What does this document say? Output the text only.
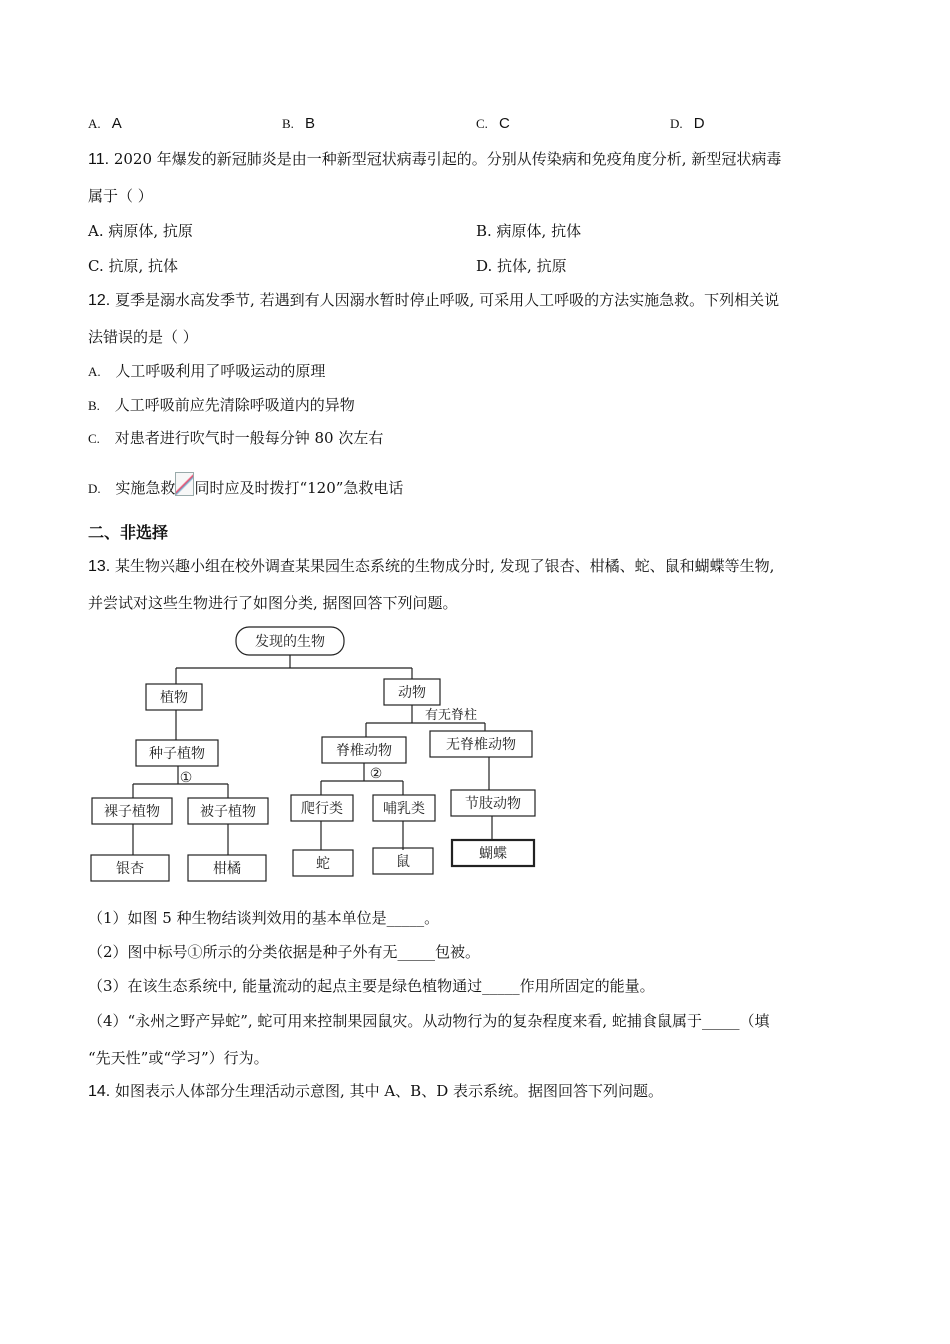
A. A	B. B	C. C	D. D
11. 2020 年爆发的新冠肺炎是由一种新型冠状病毒引起的。分别从传染病和免疫角度分析, 新型冠状病毒
属于（ ）
A. 病原体, 抗原	B. 病原体, 抗体
C. 抗原, 抗体	D. 抗体, 抗原
12. 夏季是溺水高发季节, 若遇到有人因溺水暂时停止呼吸, 可采用人工呼吸的方法实施急救。下列相关说
法错误的是（ ）
A. 人工呼吸利用了呼吸运动的原理
B. 人工呼吸前应先清除呼吸道内的异物
C. 对患者进行吹气时一般每分钟 80 次左右
D. 实施急救 同时应及时拨打“120”急救电话
二、非选择
13. 某生物兴趣小组在校外调查某果园生态系统的生物成分时, 发现了银杏、柑橘、蛇、鼠和蝴蝶等生物,
并尝试对这些生物进行了如图分类, 据图回答下列问题。
发现的生物
植物	动物
有无脊柱
种子植物
①
脊椎动物	无脊椎动物
②
裸子植物	被子植物	爬行类	哺乳类	节肢动物
银杏	柑橘	蛇	鼠	蝴蝶
（1）如图 5 种生物结谈判效用的基本单位是_____。
（2）图中标号①所示的分类依据是种子外有无_____包被。
（3）在该生态系统中, 能量流动的起点主要是绿色植物通过_____作用所固定的能量。
（4）“永州之野产异蛇”, 蛇可用来控制果园鼠灾。从动物行为的复杂程度来看, 蛇捕食鼠属于_____（填
“先天性”或“学习”）行为。
14. 如图表示人体部分生理活动示意图, 其中 A、B、D 表示系统。据图回答下列问题。
